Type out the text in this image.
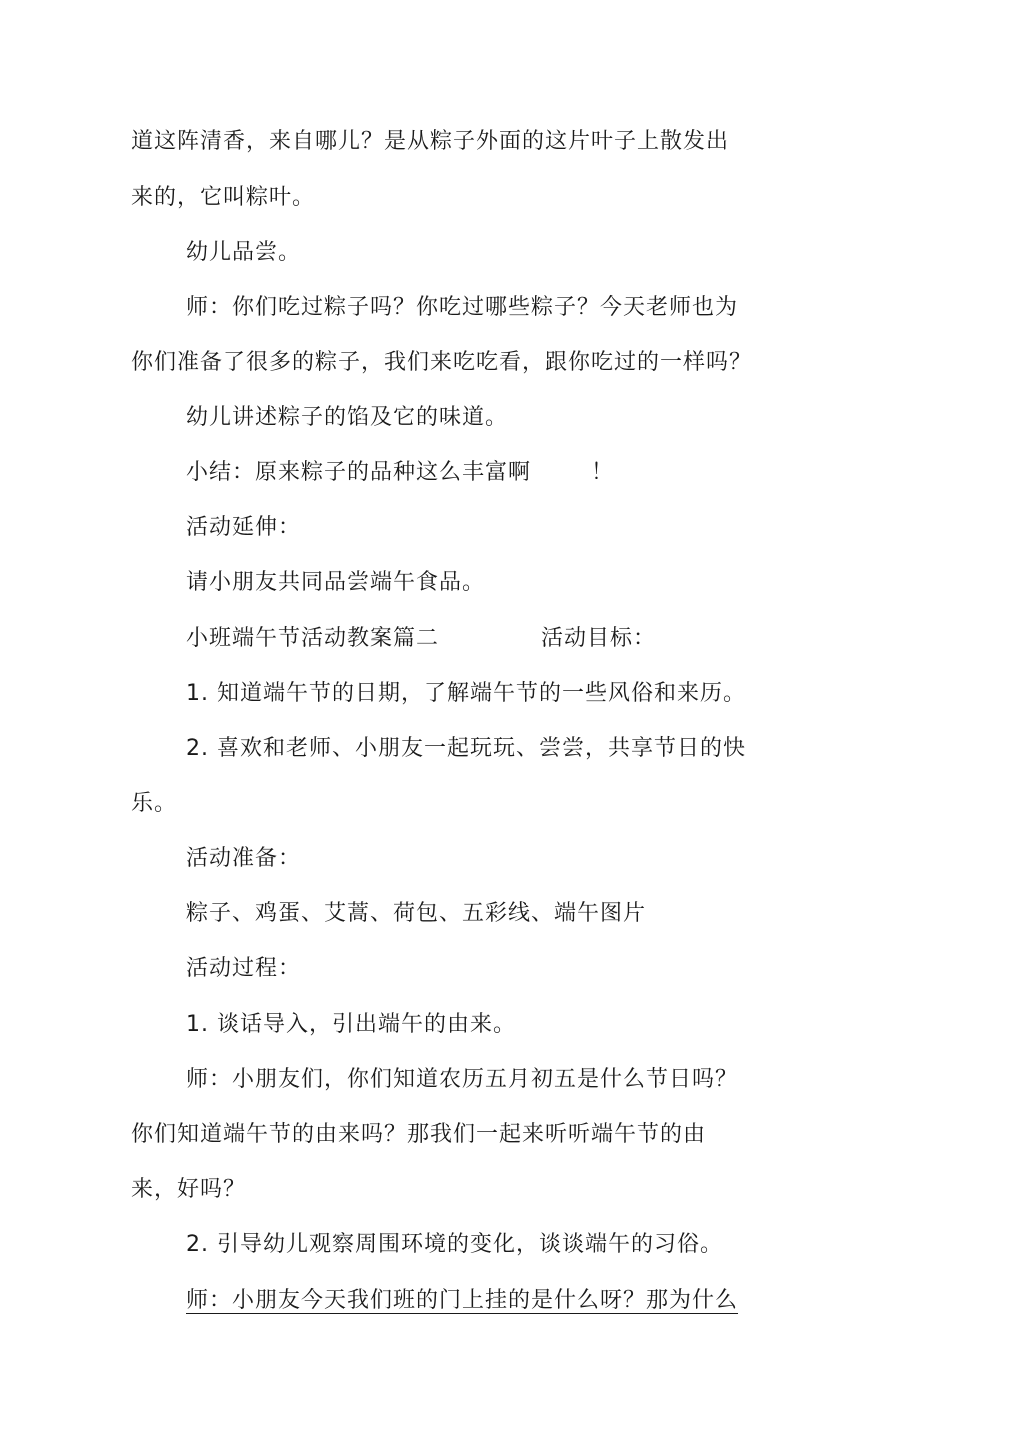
道这阵清香，来自哪儿？是从粽子外面的这片叶子上散发出
来的，它叫粽叶。
幼儿品尝。
师：你们吃过粽子吗？你吃过哪些粽子？今天老师也为
你们准备了很多的粽子，我们来吃吃看，跟你吃过的一样吗？
幼儿讲述粽子的馅及它的味道。
小结：原来粽子的品种这么丰富啊	！
活动延伸：
请小朋友共同品尝端午食品。
小班端午节活动教案篇二	活动目标：
1. 知道端午节的日期，了解端午节的一些风俗和来历。
2. 喜欢和老师、小朋友一起玩玩、尝尝，共享节日的快
乐。
活动准备：
粽子、鸡蛋、艾蒿、荷包、五彩线、端午图片
活动过程：
1. 谈话导入，引出端午的由来。
师：小朋友们，你们知道农历五月初五是什么节日吗？
你们知道端午节的由来吗？那我们一起来听听端午节的由
来，好吗？
2. 引导幼儿观察周围环境的变化，谈谈端午的习俗。
师：小朋友今天我们班的门上挂的是什么呀？那为什么
